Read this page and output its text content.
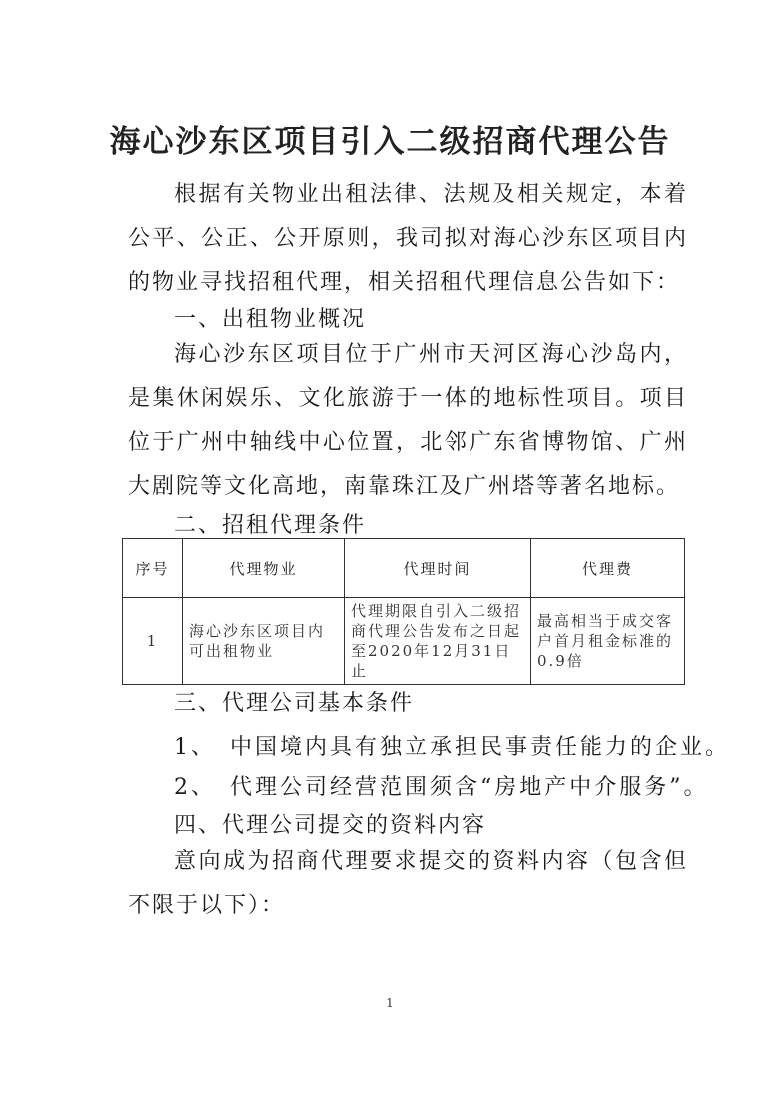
海心沙东区项目引入二级招商代理公告

根据有关物业出租法律、法规及相关规定，本着公平、公正、公开原则，我司拟对海心沙东区项目内的物业寻找招租代理，相关招租代理信息公告如下：

一、出租物业概况

海心沙东区项目位于广州市天河区海心沙岛内，是集休闲娱乐、文化旅游于一体的地标性项目。项目位于广州中轴线中心位置，北邻广东省博物馆、广州大剧院等文化高地，南靠珠江及广州塔等著名地标。

二、招租代理条件
序号	代理物业	代理时间	代理费
1	海心沙东区项目内可出租物业	代理期限自引入二级招商代理公告发布之日起至2020年12月31日止	最高相当于成交客户首月租金标准的0.9倍
三、代理公司基本条件
1、　中国境内具有独立承担民事责任能力的企业。
2、　代理公司经营范围须含“房地产中介服务”。
四、代理公司提交的资料内容

意向成为招商代理要求提交的资料内容（包含但不限于以下）：

1
